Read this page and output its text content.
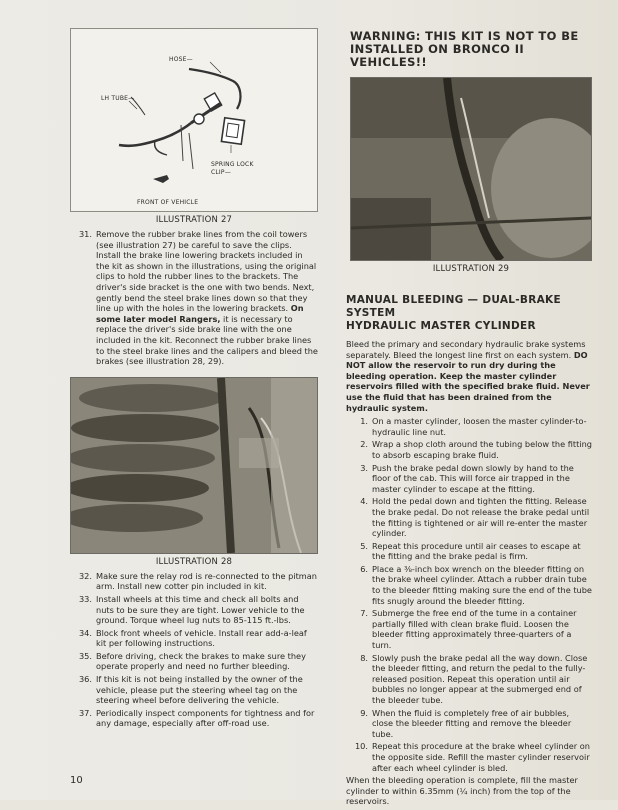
HOSE—
LH TUBE—
SPRING LOCK
CLIP—
FRONT OF VEHICLE
ILLUSTRATION 27
31. Remove the rubber brake lines from the coil towers (see illustration 27) be careful to save the clips. Install the brake line lowering brackets included in the kit as shown in the illustrations, using the original clips to hold the rubber lines to the brackets. The driver's side bracket is the one with two bends. Next, gently bend the steel brake lines down so that they line up with the holes in the lowering brackets. On some later model Rangers, it is necessary to replace the driver's side brake line with the one included in the kit. Reconnect the rubber brake lines to the steel brake lines and the calipers and bleed the brakes (see illustration 28, 29).
ILLUSTRATION 28
32. Make sure the relay rod is re-connected to the pitman arm. Install new cotter pin included in kit.
33. Install wheels at this time and check all bolts and nuts to be sure they are tight. Lower vehicle to the ground. Torque wheel lug nuts to 85-115 ft.-lbs.
34. Block front wheels of vehicle. Install rear add-a-leaf kit per following instructions.
35. Before driving, check the brakes to make sure they operate properly and need no further bleeding.
36. If this kit is not being installed by the owner of the vehicle, please put the steering wheel tag on the steering wheel before delivering the vehicle.
37. Periodically inspect components for tightness and for any damage, especially after off-road use.
WARNING: THIS KIT IS NOT TO BE
INSTALLED ON BRONCO II VEHICLES!!
ILLUSTRATION 29
MANUAL BLEEDING — DUAL-BRAKE SYSTEM
HYDRAULIC MASTER CYLINDER
Bleed the primary and secondary hydraulic brake systems separately. Bleed the longest line first on each system. DO NOT allow the reservoir to run dry during the bleeding operation. Keep the master cylinder reservoirs filled with the specified brake fluid. Never use the fluid that has been drained from the hydraulic system.
1. On a master cylinder, loosen the master cylinder-to-hydraulic line nut.
2. Wrap a shop cloth around the tubing below the fitting to absorb escaping brake fluid.
3. Push the brake pedal down slowly by hand to the floor of the cab. This will force air trapped in the master cylinder to escape at the fitting.
4. Hold the pedal down and tighten the fitting. Release the brake pedal. Do not release the brake pedal until the fitting is tightened or air will re-enter the master cylinder.
5. Repeat this procedure until air ceases to escape at the fitting and the brake pedal is firm.
6. Place a ⅜-inch box wrench on the bleeder fitting on the brake wheel cylinder. Attach a rubber drain tube to the bleeder fitting making sure the end of the tube fits snugly around the bleeder fitting.
7. Submerge the free end of the tume in a container partially filled with clean brake fluid. Loosen the bleeder fitting approximately three-quarters of a turn.
8. Slowly push the brake pedal all the way down. Close the bleeder fitting, and return the pedal to the fully-released position. Repeat this operation until air bubbles no longer appear at the submerged end of the bleeder tube.
9. When the fluid is completely free of air bubbles, close the bleeder fitting and remove the bleeder tube.
10. Repeat this procedure at the brake wheel cylinder on the opposite side. Refill the master cylinder reservoir after each wheel cylinder is bled.
When the bleeding operation is complete, fill the master cylinder to within 6.35mm (¼ inch) from the top of the reservoirs.
10
